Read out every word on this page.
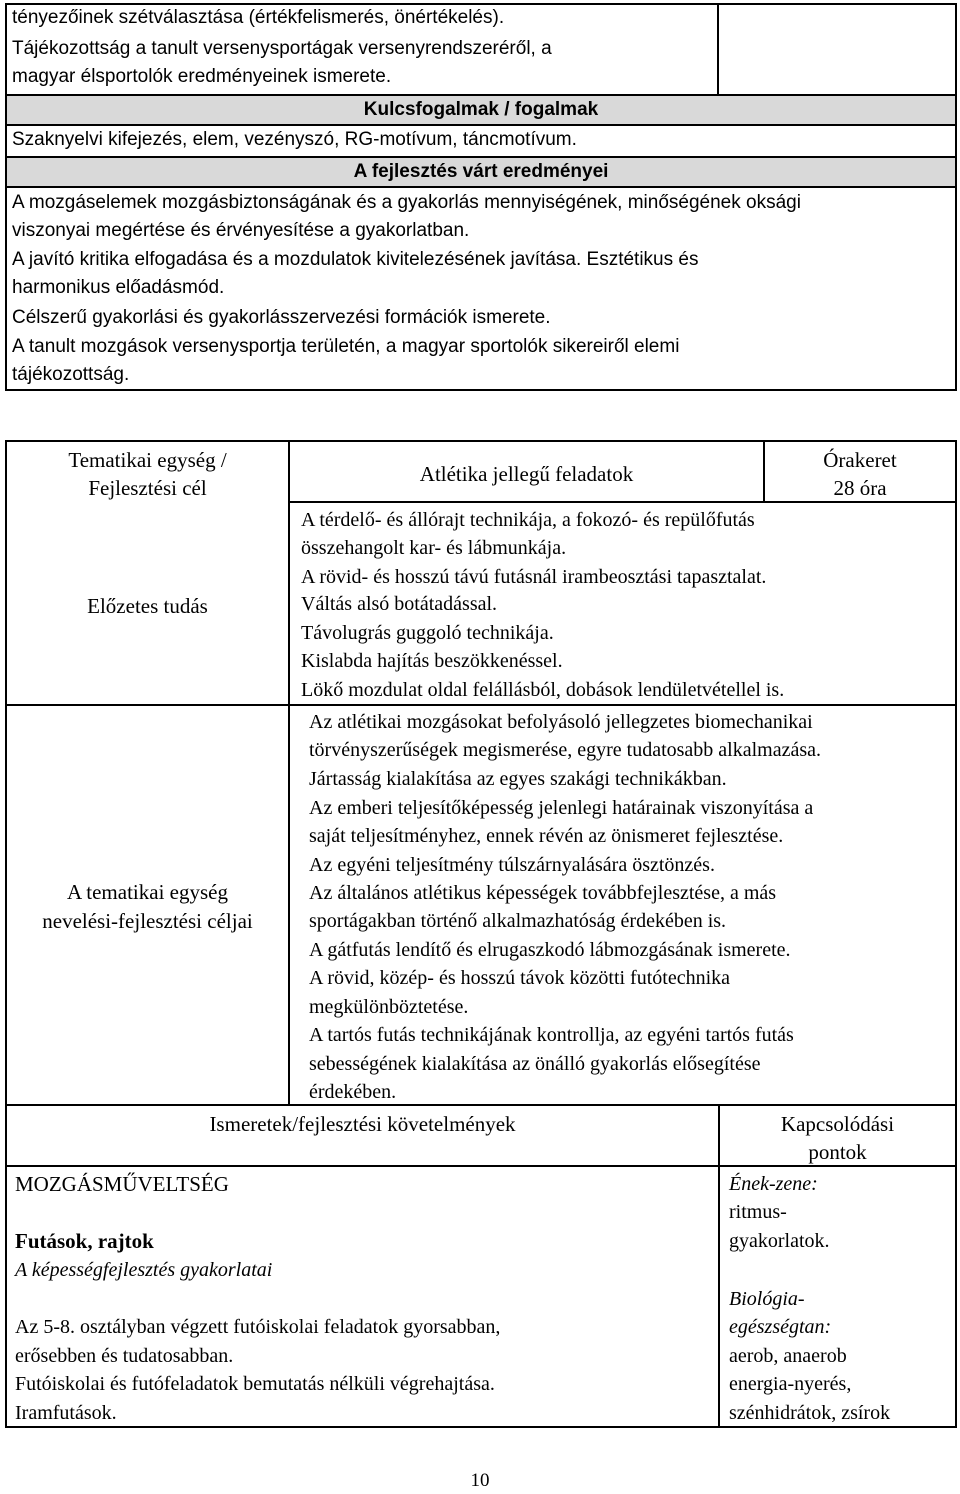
tényezőinek szétválasztása (értékfelismerés, önértékelés).
Tájékozottság a tanult versenysportágak versenyrendszeréről, a
magyar élsportolók eredményeinek ismerete.
Kulcsfogalmak / fogalmak
Szaknyelvi kifejezés, elem, vezényszó, RG-motívum, táncmotívum.
A fejlesztés várt eredményei
A mozgáselemek mozgásbiztonságának és a gyakorlás mennyiségének, minőségének oksági
viszonyai megértése és érvényesítése a gyakorlatban.
A javító kritika elfogadása és a mozdulatok kivitelezésének javítása. Esztétikus és
harmonikus előadásmód.
Célszerű gyakorlási és gyakorlásszervezési formációk ismerete.
A tanult mozgások versenysportja területén, a magyar sportolók sikereiről elemi
tájékozottság.
Tematikai egység /
Fejlesztési cél
Atlétika jellegű feladatok
Órakeret
28 óra
Előzetes tudás
A térdelő- és állórajt technikája, a fokozó- és repülőfutás
összehangolt kar- és lábmunkája.
A rövid- és hosszú távú futásnál irambeosztási tapasztalat.
Váltás alsó botátadással.
Távolugrás guggoló technikája.
Kislabda hajítás beszökkenéssel.
Lökő mozdulat oldal felállásból, dobások lendületvétellel is.
A tematikai egység
nevelési-fejlesztési céljai
Az atlétikai mozgásokat befolyásoló jellegzetes biomechanikai
törvényszerűségek megismerése, egyre tudatosabb alkalmazása.
Jártasság kialakítása az egyes szakági technikákban.
Az emberi teljesítőképesség jelenlegi határainak viszonyítása a
saját teljesítményhez, ennek révén az önismeret fejlesztése.
Az egyéni teljesítmény túlszárnyalására ösztönzés.
Az általános atlétikus képességek továbbfejlesztése, a más
sportágakban történő alkalmazhatóság érdekében is.
A gátfutás lendítő és elrugaszkodó lábmozgásának ismerete.
A rövid, közép- és hosszú távok közötti futótechnika
megkülönböztetése.
A tartós futás technikájának kontrollja, az egyéni tartós futás
sebességének kialakítása az önálló gyakorlás elősegítése
érdekében.
Ismeretek/fejlesztési követelmények	Kapcsolódási
pontok
MOZGÁSMŰVELTSÉG
Futások, rajtok
A képességfejlesztés gyakorlatai
Az 5-8. osztályban végzett futóiskolai feladatok gyorsabban,
erősebben és tudatosabban.
Futóiskolai és futófeladatok bemutatás nélküli végrehajtása.
Iramfutások.
Ének-zene:
ritmus-
gyakorlatok.
Biológia-
egészségtan:
aerob, anaerob
energia-nyerés,
szénhidrátok, zsírok
10
